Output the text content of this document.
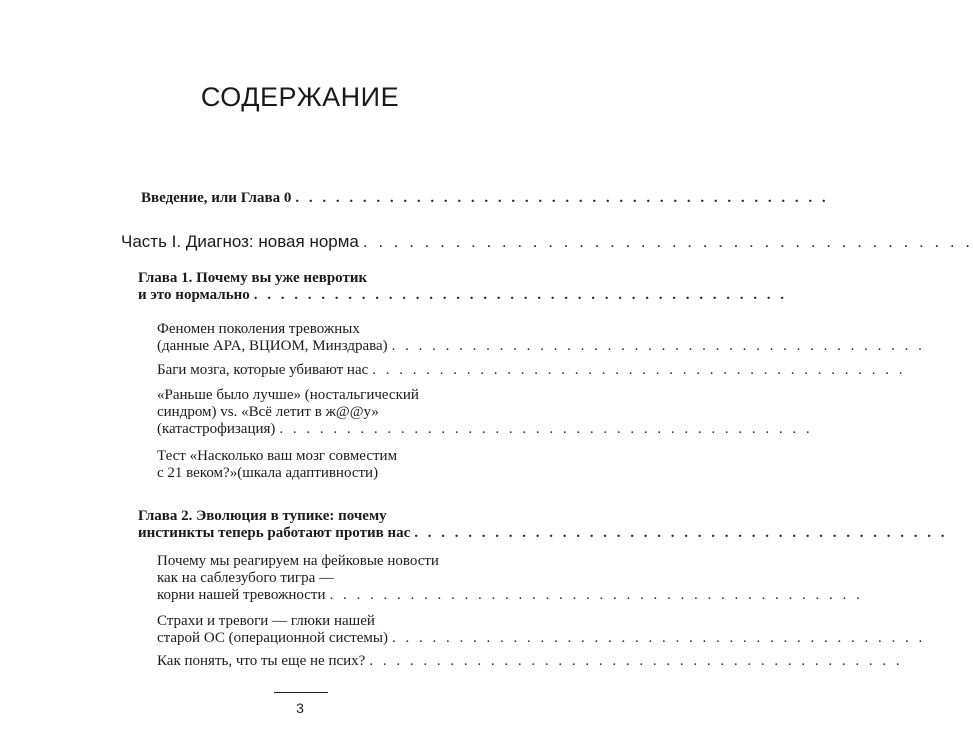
СОДЕРЖАНИЕ
Введение, или Глава 0 . . . . . . . . . . . . . . . . . . . . . . . . . . . . . . . . . . . . . . . .
Часть I. Диагноз: новая норма . . . . . . . . . . . . . . . . . . . . . . . . . . . . . . . . . . . . . . . .
Глава 1. Почему вы уже невротик
и это нормально . . . . . . . . . . . . . . . . . . . . . . . . . . . . . . . . . . . . . . . .
Феномен поколения тревожных
(данные APA, ВЦИОМ, Минздрава) . . . . . . . . . . . . . . . . . . . . . . . . . . . . . . . . . . . . . . . .
Баги мозга, которые убивают нас . . . . . . . . . . . . . . . . . . . . . . . . . . . . . . . . . . . . . . . .
«Раньше было лучше» (ностальгический
синдром) vs. «Всё летит в ж@@у»
(катастрофизация) . . . . . . . . . . . . . . . . . . . . . . . . . . . . . . . . . . . . . . . .
Тест «Насколько ваш мозг совместим
с 21 веком?»(шкала адаптивности)
Глава 2. Эволюция в тупике: почему
инстинкты теперь работают против нас . . . . . . . . . . . . . . . . . . . . . . . . . . . . . . . . . . . . . . . .
Почему мы реагируем на фейковые новости
как на саблезубого тигра —
корни нашей тревожности . . . . . . . . . . . . . . . . . . . . . . . . . . . . . . . . . . . . . . . .
Страхи и тревоги — глюки нашей
старой ОС (операционной системы) . . . . . . . . . . . . . . . . . . . . . . . . . . . . . . . . . . . . . . . .
Как понять, что ты еще не псих? . . . . . . . . . . . . . . . . . . . . . . . . . . . . . . . . . . . . . . . .
3
